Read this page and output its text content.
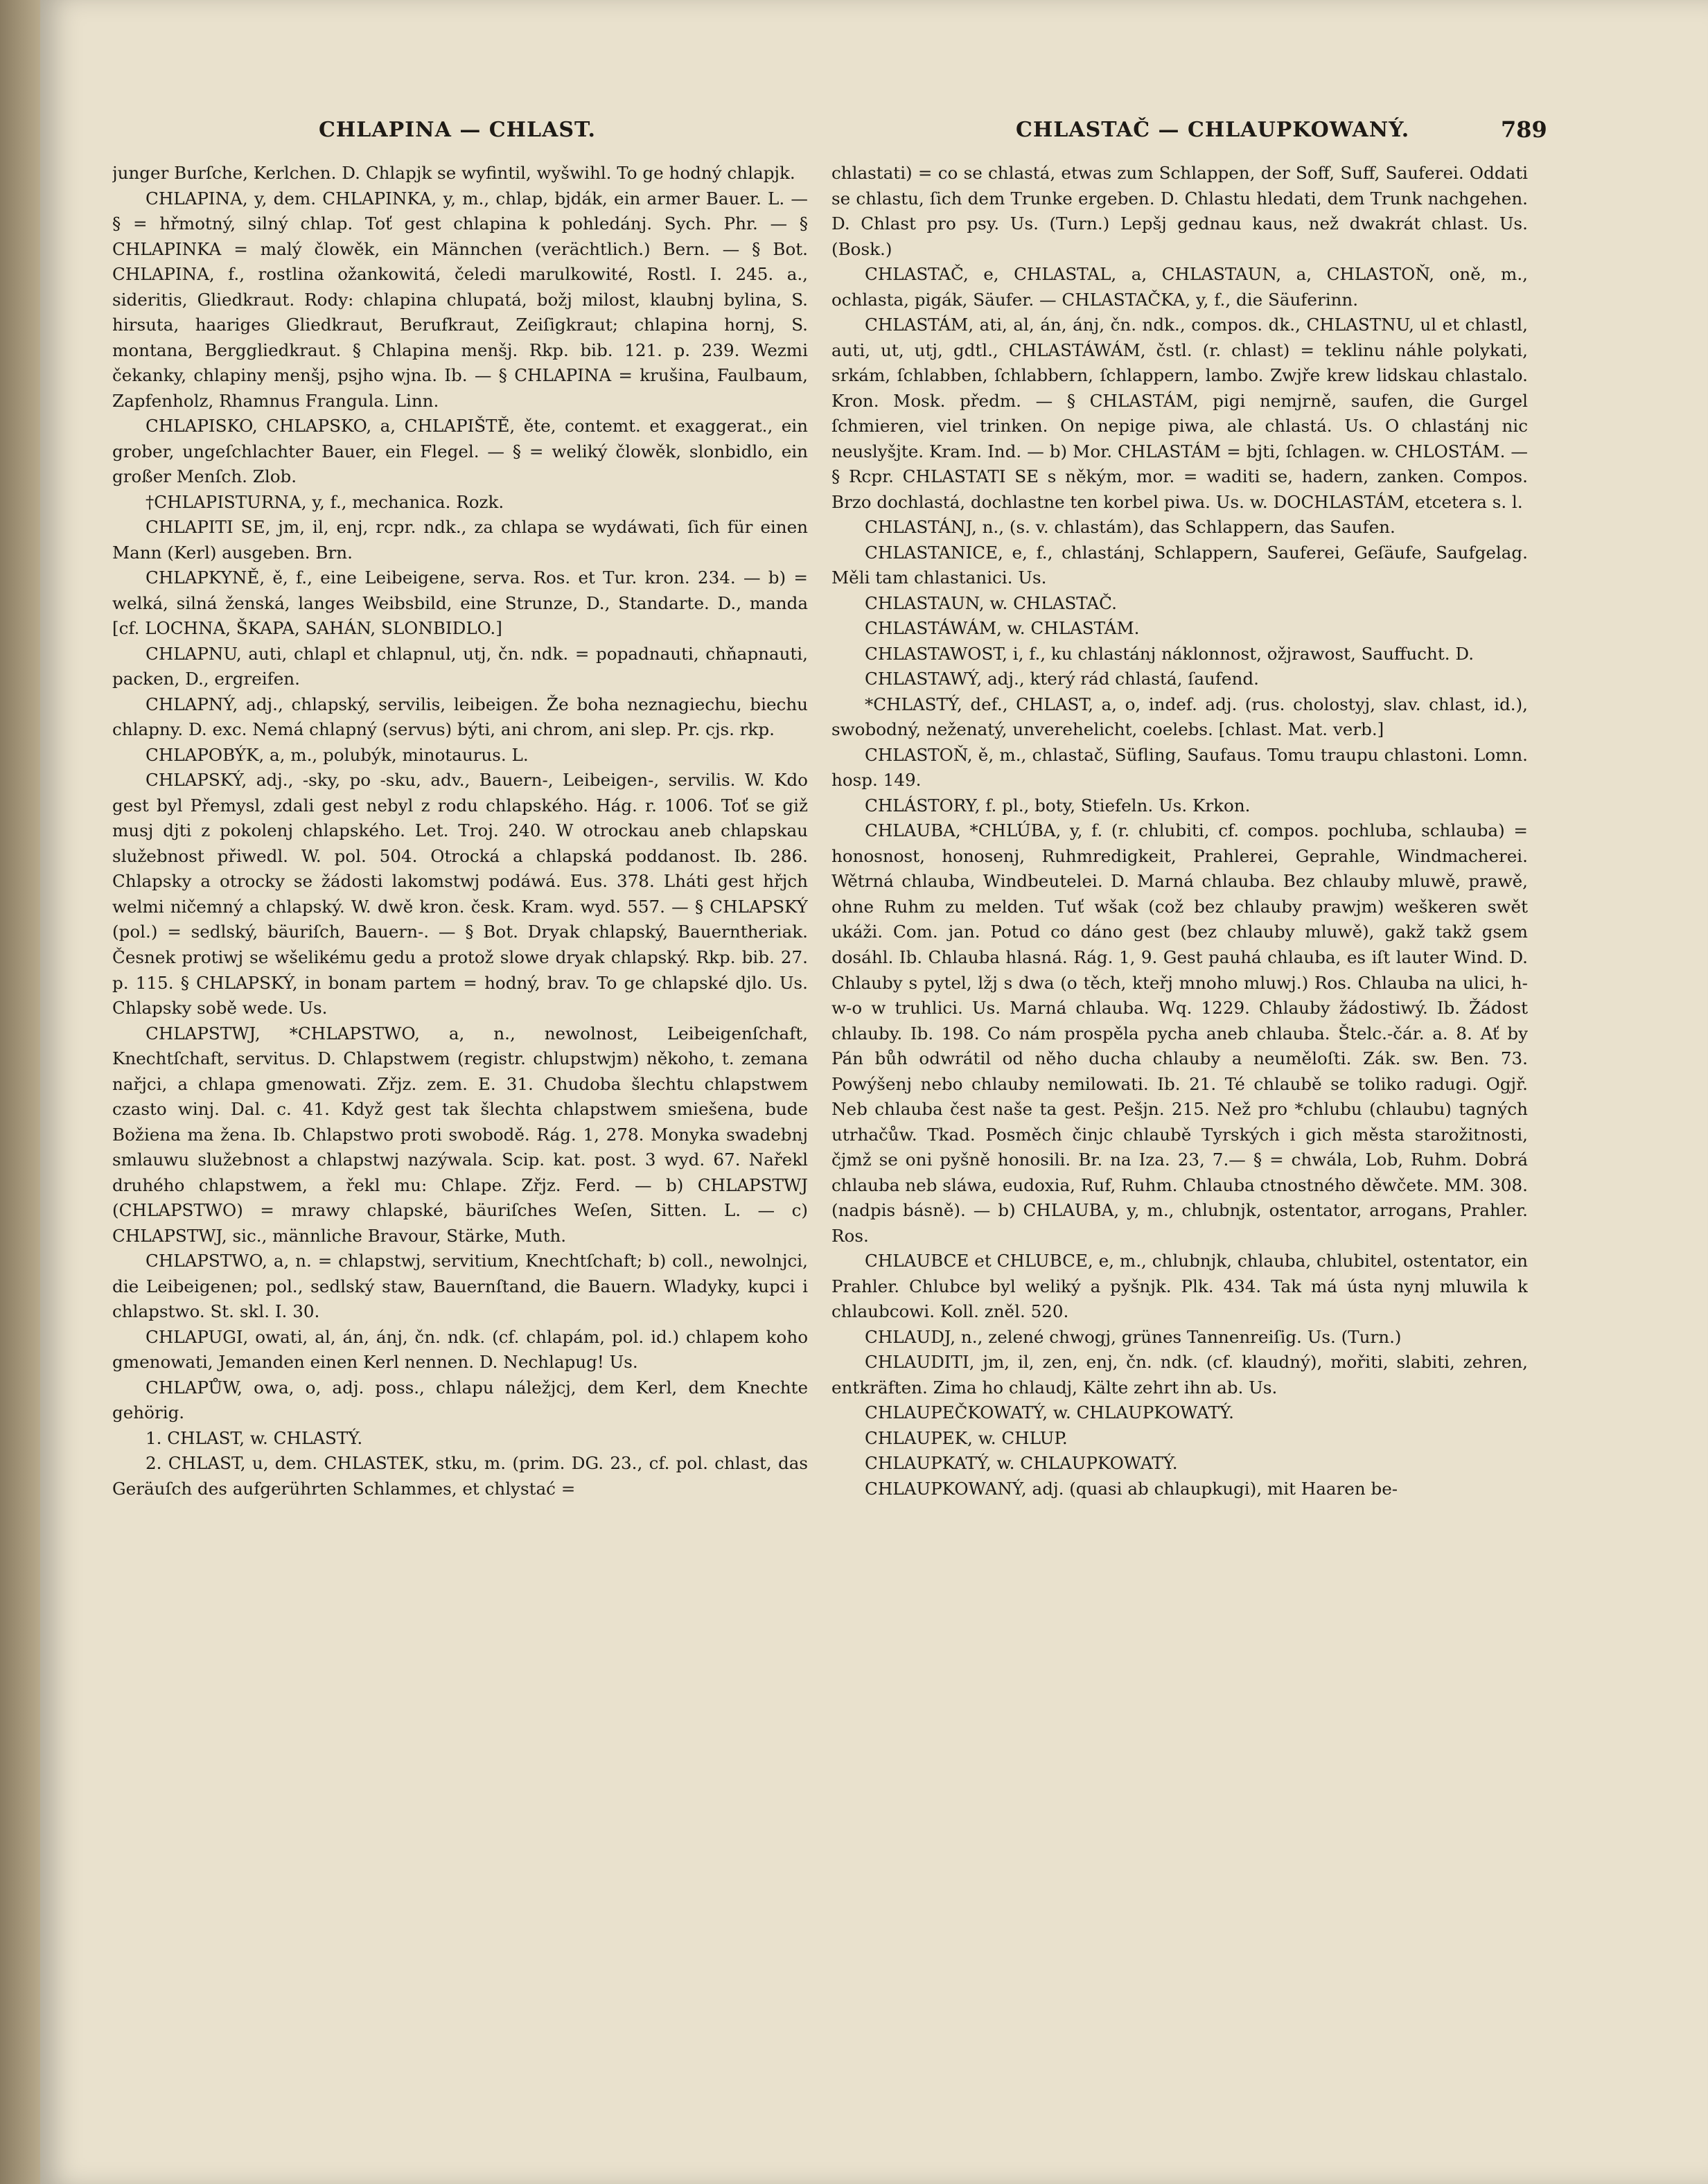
CHLAPINA — CHLAST.	CHLASTAČ — CHLAUPKOWANÝ.	789

junger Burſche, Kerlchen. D. Chlapjk se wyfintil, wyšwihl. To ge hodný chlapjk.

CHLAPINA, y, dem. CHLAPINKA, y, m., chlap, bjdák, ein armer Bauer. L. — § = hřmotný, silný chlap. Toť gest chlapina k pohledánj. Sych. Phr. — § CHLAPINKA = malý člowěk, ein Männchen (verächtlich.) Bern. — § Bot. CHLAPINA, f., rostlina ožankowitá, čeledi marulkowité, Rostl. I. 245. a., sideritis, Gliedkraut. Rody: chlapina chlupatá, božj milost, klaubnj bylina, S. hirsuta, haariges Gliedkraut, Berufkraut, Zeiſigkraut; chlapina hornj, S. montana, Berggliedkraut. § Chlapina menšj. Rkp. bib. 121. p. 239. Wezmi čekanky, chlapiny menšj, psjho wjna. Ib. — § CHLAPINA = krušina, Faulbaum, Zapfenholz, Rhamnus Frangula. Linn.

CHLAPISKO, CHLAPSKO, a, CHLAPIŠTĚ, ěte, contemt. et exaggerat., ein grober, ungeſchlachter Bauer, ein Flegel. — § = weliký člowěk, slonbidlo, ein großer Menſch. Zlob.

†CHLAPISTURNA, y, f., mechanica. Rozk.

CHLAPITI SE, jm, il, enj, rcpr. ndk., za chlapa se wydáwati, ſich für einen Mann (Kerl) ausgeben. Brn.

CHLAPKYNĚ, ě, f., eine Leibeigene, serva. Ros. et Tur. kron. 234. — b) = welká, silná ženská, langes Weibsbild, eine Strunze, D., Standarte. D., manda [cf. LOCHNA, ŠKAPA, SAHÁN, SLONBIDLO.]

CHLAPNU, auti, chlapl et chlapnul, utj, čn. ndk. = popadnauti, chňapnauti, packen, D., ergreifen.

CHLAPNÝ, adj., chlapský, servilis, leibeigen. Že boha neznagiechu, biechu chlapny. D. exc. Nemá chlapný (servus) býti, ani chrom, ani slep. Pr. cjs. rkp.

CHLAPOBÝK, a, m., polubýk, minotaurus. L.

CHLAPSKÝ, adj., -sky, po -sku, adv., Bauern-, Leibeigen-, servilis. W. Kdo gest byl Přemysl, zdali gest nebyl z rodu chlapského. Hág. r. 1006. Toť se giž musj djti z pokolenj chlapského. Let. Troj. 240. W otrockau aneb chlapskau služebnost přiwedl. W. pol. 504. Otrocká a chlapská poddanost. Ib. 286. Chlapsky a otrocky se žádosti lakomstwj podáwá. Eus. 378. Lháti gest hřjch welmi ničemný a chlapský. W. dwě kron. česk. Kram. wyd. 557. — § CHLAPSKÝ (pol.) = sedlský, bäuriſch, Bauern-. — § Bot. Dryak chlapský, Bauerntheriak. Česnek protiwj se wšelikému gedu a protož slowe dryak chlapský. Rkp. bib. 27. p. 115. § CHLAPSKÝ, in bonam partem = hodný, brav. To ge chlapské djlo. Us. Chlapsky sobě wede. Us.

CHLAPSTWJ, *CHLAPSTWO, a, n., newolnost, Leibeigenſchaft, Knechtſchaft, servitus. D. Chlapstwem (registr. chlupstwjm) někoho, t. zemana nařjci, a chlapa gmenowati. Zřjz. zem. E. 31. Chudoba šlechtu chlapstwem czasto winj. Dal. c. 41. Když gest tak šlechta chlapstwem smiešena, bude Božiena ma žena. Ib. Chlapstwo proti swobodě. Rág. 1, 278. Monyka swadebnj smlauwu služebnost a chlapstwj nazýwala. Scip. kat. post. 3 wyd. 67. Nařekl druhého chlapstwem, a řekl mu: Chlape. Zřjz. Ferd. — b) CHLAPSTWJ (CHLAPSTWO) = mrawy chlapské, bäuriſches Weſen, Sitten. L. — c) CHLAPSTWJ, sic., männliche Bravour, Stärke, Muth.

CHLAPSTWO, a, n. = chlapstwj, servitium, Knechtſchaft; b) coll., newolnjci, die Leibeigenen; pol., sedlský staw, Bauernſtand, die Bauern. Wladyky, kupci i chlapstwo. St. skl. I. 30.

CHLAPUGI, owati, al, án, ánj, čn. ndk. (cf. chlapám, pol. id.) chlapem koho gmenowati, Jemanden einen Kerl nennen. D. Nechlapug! Us.

CHLAPŮW, owa, o, adj. poss., chlapu náležjcj, dem Kerl, dem Knechte gehörig.

1. CHLAST, w. CHLASTÝ.

2. CHLAST, u, dem. CHLASTEK, stku, m. (prim. DG. 23., cf. pol. chlast, das Geräuſch des aufgerührten Schlammes, et chlystać =

chlastati) = co se chlastá, etwas zum Schlappen, der Soff, Suff, Sauferei. Oddati se chlastu, ſich dem Trunke ergeben. D. Chlastu hledati, dem Trunk nachgehen. D. Chlast pro psy. Us. (Turn.) Lepšj gednau kaus, než dwakrát chlast. Us. (Bosk.)

CHLASTAČ, e, CHLASTAL, a, CHLASTAUN, a, CHLASTOŇ, oně, m., ochlasta, pigák, Säufer. — CHLASTAČKA, y, f., die Säuferinn.

CHLASTÁM, ati, al, án, ánj, čn. ndk., compos. dk., CHLASTNU, ul et chlastl, auti, ut, utj, gdtl., CHLASTÁWÁM, čstl. (r. chlast) = teklinu náhle polykati, srkám, ſchlabben, ſchlabbern, ſchlappern, lambo. Zwjře krew lidskau chlastalo. Kron. Mosk. předm. — § CHLASTÁM, pigi nemjrně, saufen, die Gurgel ſchmieren, viel trinken. On nepige piwa, ale chlastá. Us. O chlastánj nic neuslyšjte. Kram. Ind. — b) Mor. CHLASTÁM = bjti, ſchlagen. w. CHLOSTÁM. — § Rcpr. CHLASTATI SE s někým, mor. = waditi se, hadern, zanken. Compos. Brzo dochlastá, dochlastne ten korbel piwa. Us. w. DOCHLASTÁM, etcetera s. l.

CHLASTÁNJ, n., (s. v. chlastám), das Schlappern, das Saufen.

CHLASTANICE, e, f., chlastánj, Schlappern, Sauferei, Geſäufe, Saufgelag. Měli tam chlastanici. Us.

CHLASTAUN, w. CHLASTAČ.

CHLASTÁWÁM, w. CHLASTÁM.

CHLASTAWOST, i, f., ku chlastánj náklonnost, ožjrawost, Sauffucht. D.

CHLASTAWÝ, adj., který rád chlastá, ſaufend.

*CHLASTÝ, def., CHLAST, a, o, indef. adj. (rus. cholostyj, slav. chlast, id.), swobodný, neženatý, unverehelicht, coelebs. [chlast. Mat. verb.]

CHLASTOŇ, ě, m., chlastač, Süfling, Saufaus. Tomu traupu chlastoni. Lomn. hosp. 149.

CHLÁSTORY, f. pl., boty, Stiefeln. Us. Krkon.

CHLAUBA, *CHLÚBA, y, f. (r. chlubiti, cf. compos. pochluba, schlauba) = honosnost, honosenj, Ruhmredigkeit, Prahlerei, Geprahle, Windmacherei. Wětrná chlauba, Windbeutelei. D. Marná chlauba. Bez chlauby mluwě, prawě, ohne Ruhm zu melden. Tuť wšak (což bez chlauby prawjm) weškeren swět ukáži. Com. jan. Potud co dáno gest (bez chlauby mluwě), gakž takž gsem dosáhl. Ib. Chlauba hlasná. Rág. 1, 9. Gest pauhá chlauba, es iſt lauter Wind. D. Chlauby s pytel, lžj s dwa (o těch, kteřj mnoho mluwj.) Ros. Chlauba na ulici, h-w-o w truhlici. Us. Marná chlauba. Wq. 1229. Chlauby žádostiwý. Ib. Žádost chlauby. Ib. 198. Co nám prospěla pycha aneb chlauba. Štelc.-čár. a. 8. Ať by Pán bůh odwrátil od něho ducha chlauby a neuměloſti. Zák. sw. Ben. 73. Powýšenj nebo chlauby nemilowati. Ib. 21. Té chlaubě se toliko radugi. Ogjř. Neb chlauba čest naše ta gest. Pešjn. 215. Než pro *chlubu (chlaubu) tagných utrhačůw. Tkad. Posměch činjc chlaubě Tyrských i gich města starožitnosti, čjmž se oni pyšně honosili. Br. na Iza. 23, 7.— § = chwála, Lob, Ruhm. Dobrá chlauba neb sláwa, eudoxia, Ruf, Ruhm. Chlauba ctnostného děwčete. MM. 308. (nadpis básně). — b) CHLAUBA, y, m., chlubnjk, ostentator, arrogans, Prahler. Ros.

CHLAUBCE et CHLUBCE, e, m., chlubnjk, chlauba, chlubitel, ostentator, ein Prahler. Chlubce byl weliký a pyšnjk. Plk. 434. Tak má ústa nynj mluwila k chlaubcowi. Koll. zněl. 520.

CHLAUDJ, n., zelené chwogj, grünes Tannenreiſig. Us. (Turn.)

CHLAUDITI, jm, il, zen, enj, čn. ndk. (cf. klaudný), mořiti, slabiti, zehren, entkräften. Zima ho chlaudj, Kälte zehrt ihn ab. Us.

CHLAUPEČKOWATÝ, w. CHLAUPKOWATÝ.

CHLAUPEK, w. CHLUP.

CHLAUPKATÝ, w. CHLAUPKOWATÝ.

CHLAUPKOWANÝ, adj. (quasi ab chlaupkugi), mit Haaren be-
